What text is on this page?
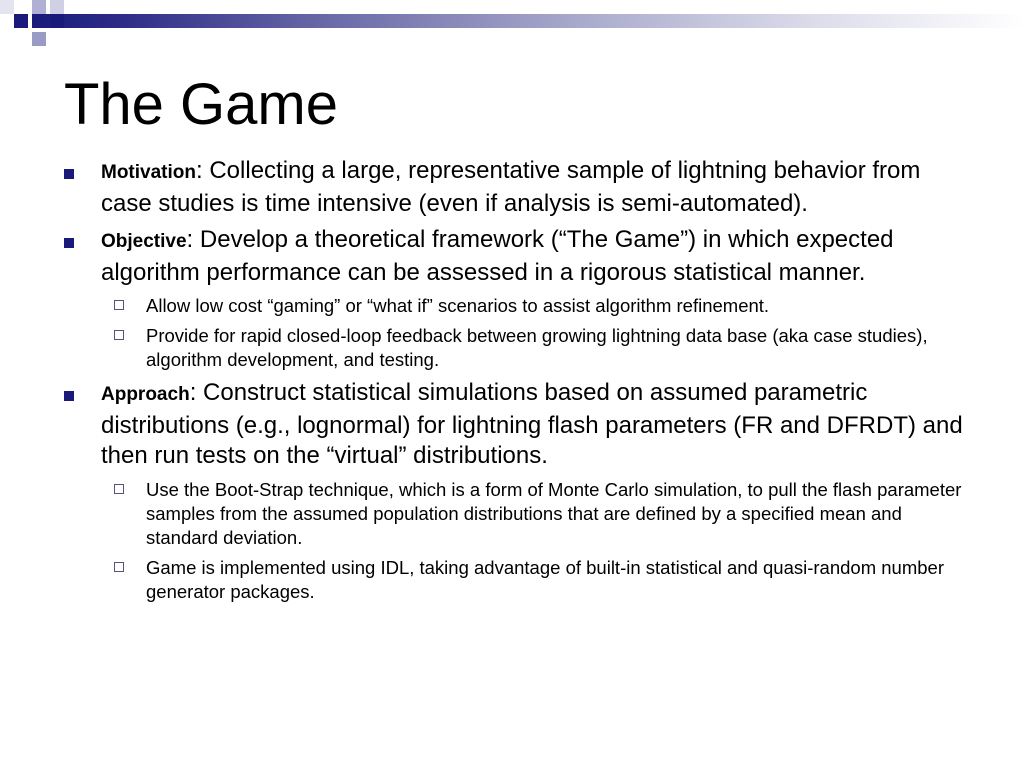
The Game
Motivation: Collecting a large, representative sample of lightning behavior from case studies is time intensive (even if analysis is semi-automated).
Objective: Develop a theoretical framework (“The Game”) in which expected algorithm performance can be assessed in a rigorous statistical manner.
Allow low cost “gaming” or “what if” scenarios to assist algorithm refinement.
Provide for rapid closed-loop feedback between growing lightning data base (aka case studies), algorithm development, and testing.
Approach: Construct statistical simulations based on assumed parametric distributions (e.g., lognormal) for lightning flash parameters (FR and DFRDT) and then run tests on the “virtual” distributions.
Use the Boot-Strap technique, which is a form of Monte Carlo simulation, to pull the flash parameter samples from the assumed population distributions that are defined by a specified mean and standard deviation.
Game is implemented using IDL, taking advantage of built-in statistical and quasi-random number generator packages.
